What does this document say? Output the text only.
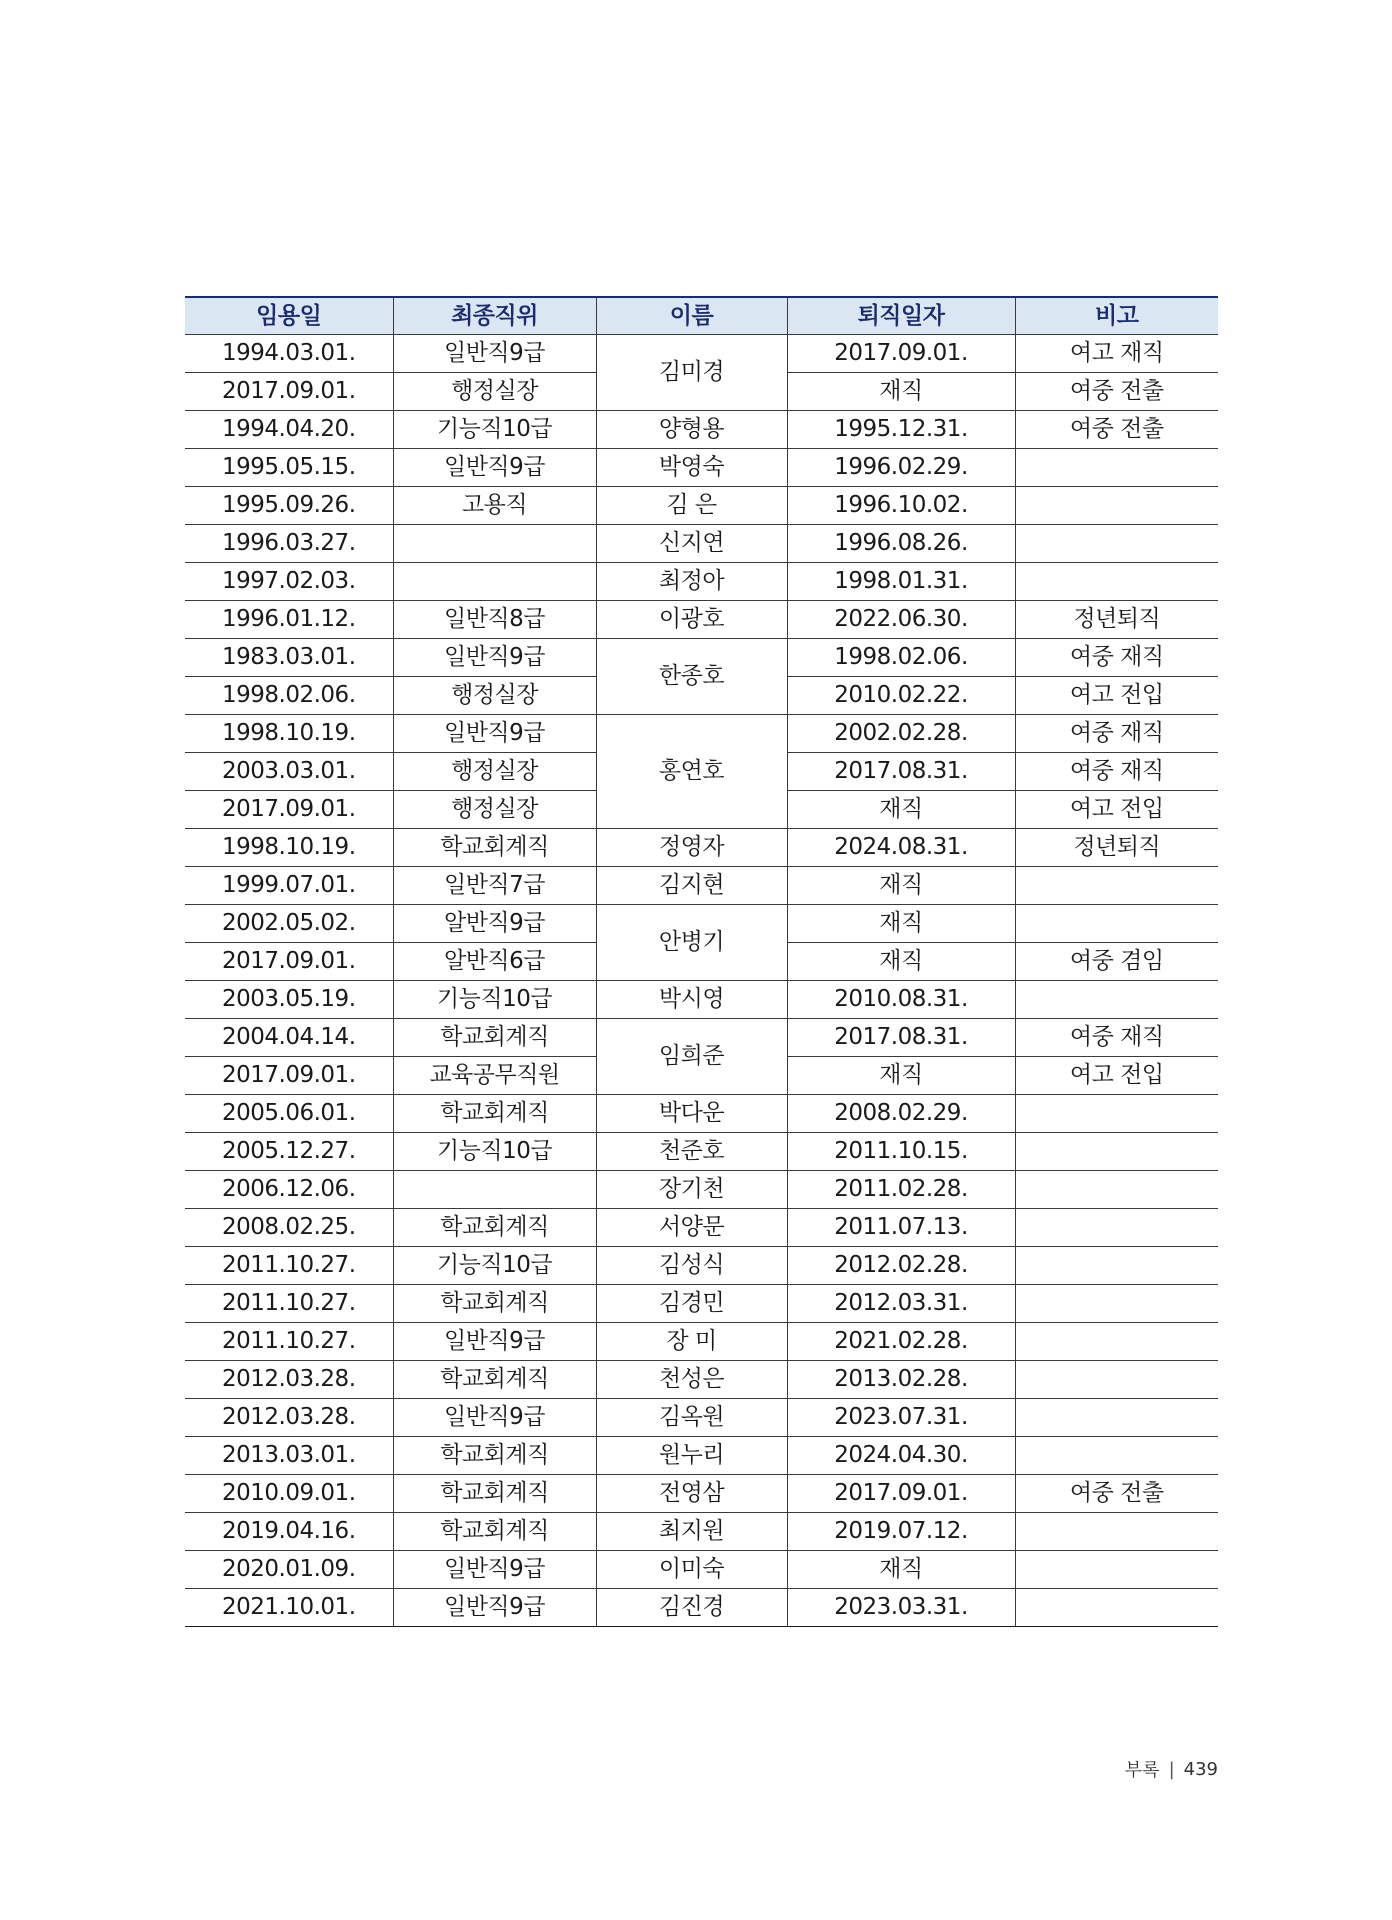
임용일	최종직위	이름	퇴직일자	비고
1994.03.01.	일반직9급	김미경	2017.09.01.	여고 재직
2017.09.01.	행정실장		재직	여중 전출
1994.04.20.	기능직10급	양형용	1995.12.31.	여중 전출
1995.05.15.	일반직9급	박영숙	1996.02.29.	
1995.09.26.	고용직	김 은	1996.10.02.	
1996.03.27.		신지연	1996.08.26.	
1997.02.03.		최정아	1998.01.31.	
1996.01.12.	일반직8급	이광호	2022.06.30.	정년퇴직
1983.03.01.	일반직9급	한종호	1998.02.06.	여중 재직
1998.02.06.	행정실장		2010.02.22.	여고 전입
1998.10.19.	일반직9급	홍연호	2002.02.28.	여중 재직
2003.03.01.	행정실장		2017.08.31.	여중 재직
2017.09.01.	행정실장		재직	여고 전입
1998.10.19.	학교회계직	정영자	2024.08.31.	정년퇴직
1999.07.01.	일반직7급	김지현	재직	
2002.05.02.	알반직9급	안병기	재직	
2017.09.01.	알반직6급		재직	여중 겸임
2003.05.19.	기능직10급	박시영	2010.08.31.	
2004.04.14.	학교회계직	임희준	2017.08.31.	여중 재직
2017.09.01.	교육공무직원		재직	여고 전입
2005.06.01.	학교회계직	박다운	2008.02.29.	
2005.12.27.	기능직10급	천준호	2011.10.15.	
2006.12.06.		장기천	2011.02.28.	
2008.02.25.	학교회계직	서양문	2011.07.13.	
2011.10.27.	기능직10급	김성식	2012.02.28.	
2011.10.27.	학교회계직	김경민	2012.03.31.	
2011.10.27.	일반직9급	장 미	2021.02.28.	
2012.03.28.	학교회계직	천성은	2013.02.28.	
2012.03.28.	일반직9급	김옥원	2023.07.31.	
2013.03.01.	학교회계직	원누리	2024.04.30.	
2010.09.01.	학교회계직	전영삼	2017.09.01.	여중 전출
2019.04.16.	학교회계직	최지원	2019.07.12.	
2020.01.09.	일반직9급	이미숙	재직	
2021.10.01.	일반직9급	김진경	2023.03.31.	
부록 | 439
